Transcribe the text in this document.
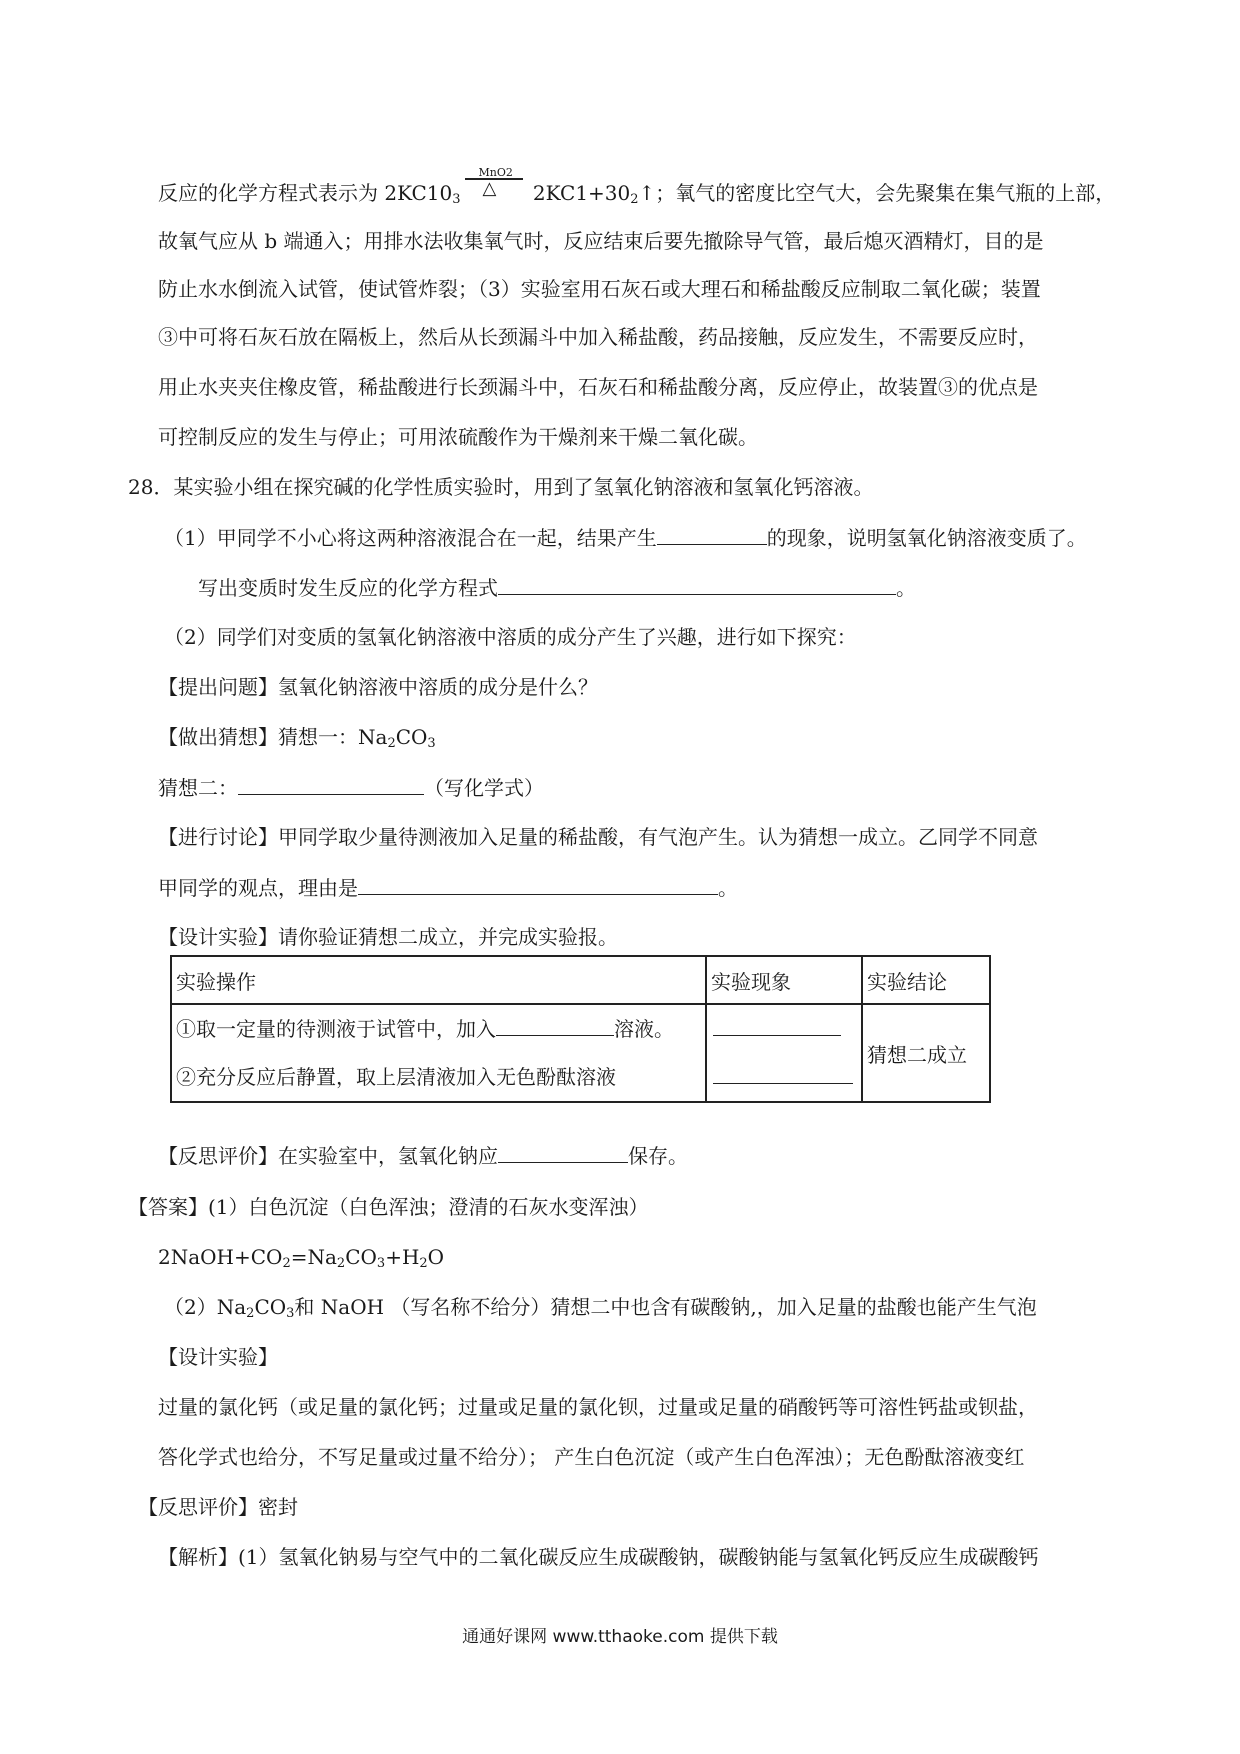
反应的化学方程式表示为 $2KC10_3$
MnO2
△ $2KC1+30_2↑$；氧气的密度比空气大，会先聚集在集气瓶的上部，
故氧气应从 b 端通入；用排水法收集氧气时，反应结束后要先撤除导气管，最后熄灭酒精灯，目的是
防止水水倒流入试管，使试管炸裂；（3）实验室用石灰石或大理石和稀盐酸反应制取二氧化碳；装置
③中可将石灰石放在隔板上，然后从长颈漏斗中加入稀盐酸，药品接触，反应发生，不需要反应时，
用止水夹夹住橡皮管，稀盐酸进行长颈漏斗中，石灰石和稀盐酸分离，反应停止，故装置③的优点是
可控制反应的发生与停止；可用浓硫酸作为干燥剂来干燥二氧化碳。
28．某实验小组在探究碱的化学性质实验时，用到了氢氧化钠溶液和氢氧化钙溶液。
（1）甲同学不小心将这两种溶液混合在一起，结果产生	的现象，说明氢氧化钠溶液变质了。
写出变质时发生反应的化学方程式	。
（2）同学们对变质的氢氧化钠溶液中溶质的成分产生了兴趣，进行如下探究：
【提出问题】氢氧化钠溶液中溶质的成分是什么？
【做出猜想】猜想一：$Na_2CO_3$
猜想二：	（写化学式）
【进行讨论】甲同学取少量待测液加入足量的稀盐酸，有气泡产生。认为猜想一成立。乙同学不同意
甲同学的观点，理由是	。
【设计实验】请你验证猜想二成立，并完成实验报。
实验操作	实验现象	实验结论

①取一定量的待测液于试管中，加入 溶液。
②充分反应后静置，取上层清液加入无色酚酞溶液		猜想二成立
【反思评价】在实验室中，氢氧化钠应	保存。
【答案】(1）白色沉淀（白色浑浊；澄清的石灰水变浑浊）
$2NaOH+CO_2=Na_2CO_3+H_2O$
$(2)Na_2CO_3$和 NaOH （写名称不给分）猜想二中也含有碳酸钠,，加入足量的盐酸也能产生气泡
【设计实验】
过量的氯化钙（或足量的氯化钙；过量或足量的氯化钡，过量或足量的硝酸钙等可溶性钙盐或钡盐，
答化学式也给分，不写足量或过量不给分）； 产生白色沉淀（或产生白色浑浊）；无色酚酞溶液变红
【反思评价】密封
【解析】(1）氢氧化钠易与空气中的二氧化碳反应生成碳酸钠，碳酸钠能与氢氧化钙反应生成碳酸钙
通通好课网 www.tthaoke.com 提供下载
